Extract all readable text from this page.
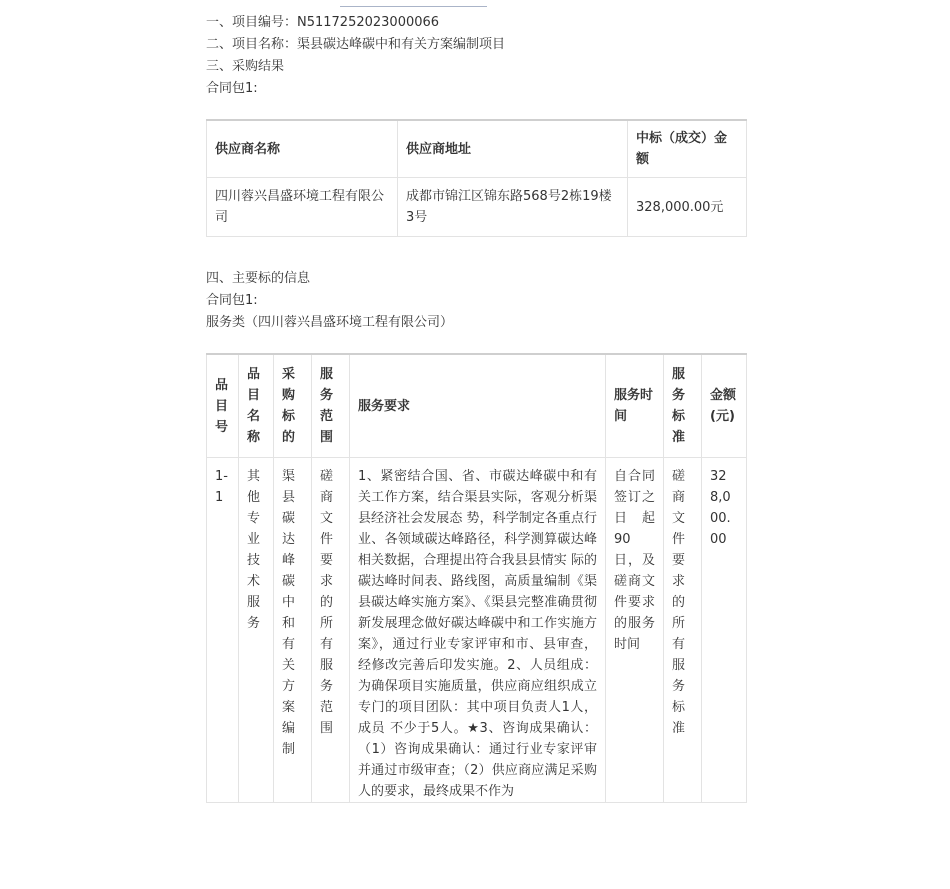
一、项目编号：N5117252023000066
二、项目名称：渠县碳达峰碳中和有关方案编制项目
三、采购结果
合同包1:
供应商名称	供应商地址	中标（成交）金额
四川蓉兴昌盛环境工程有限公司	成都市锦江区锦东路568号2栋19楼3号	328,000.00元
四、主要标的信息
合同包1:
服务类（四川蓉兴昌盛环境工程有限公司）
品目号	品目名称	采购标的	服务范围	服务要求	服务时间	服务标准	金额(元)
1-1	其他专业技术服务	渠县碳达峰碳中和有关方案编制	磋商文件要求的所有服务范围	1、紧密结合国、省、市碳达峰碳中和有关工作方案，结合渠县实际，客观分析渠县经济社会发展态 势，科学制定各重点行业、各领域碳达峰路径，科学测算碳达峰相关数据，合理提出符合我县县情实 际的碳达峰时间表、路线图，高质量编制《渠县碳达峰实施方案》、《渠县完整准确贯彻新发展理念做好碳达峰碳中和工作实施方案》，通过行业专家评审和市、县审查，经修改完善后印发实施。2、人员组成：为确保项目实施质量，供应商应组织成立专门的项目团队：其中项目负责人1人，成员 不少于5人。★3、咨询成果确认：（1）咨询成果确认：通过行业专家评审并通过市级审查；（2）供应商应满足采购人的要求，最终成果不作为	自合同签订之日起90日，及磋商文件要求的服务时间	磋商文件要求的所有服务标准	328,000.00
